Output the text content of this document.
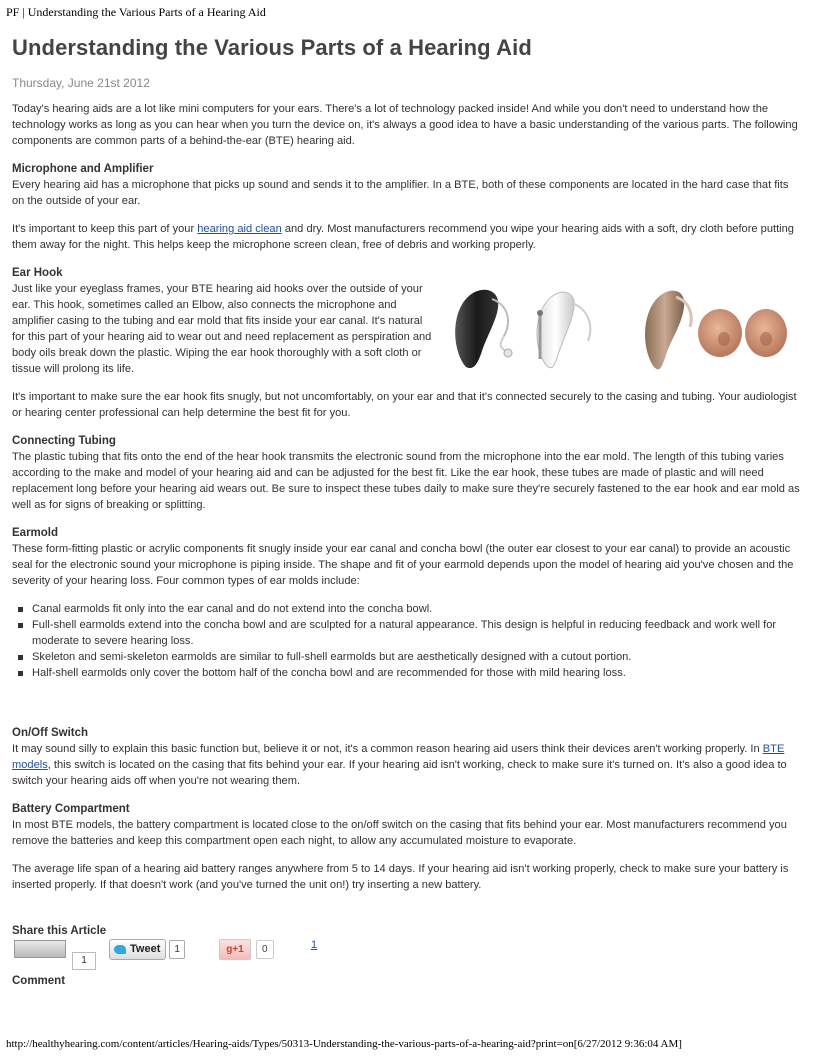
PF | Understanding the Various Parts of a Hearing Aid
Understanding the Various Parts of a Hearing Aid
Thursday, June 21st 2012

Today's hearing aids are a lot like mini computers for your ears. There's a lot of technology packed inside! And while you don't need to understand how the technology works as long as you can hear when you turn the device on, it's always a good idea to have a basic understanding of the various parts. The following components are common parts of a behind-the-ear (BTE) hearing aid.

Microphone and Amplifier

Every hearing aid has a microphone that picks up sound and sends it to the amplifier. In a BTE, both of these components are located in the hard case that fits on the outside of your ear.

It's important to keep this part of your hearing aid clean and dry. Most manufacturers recommend you wipe your hearing aids with a soft, dry cloth before putting them away for the night. This helps keep the microphone screen clean, free of debris and working properly.

Ear Hook

Just like your eyeglass frames, your BTE hearing aid hooks over the outside of your ear. This hook, sometimes called an Elbow, also connects the microphone and amplifier casing to the tubing and ear mold that fits inside your ear canal. It's natural for this part of your hearing aid to wear out and need replacement as perspiration and body oils break down the plastic. Wiping the ear hook thoroughly with a soft cloth or tissue will prolong its life.

It's important to make sure the ear hook fits snugly, but not uncomfortably, on your ear and that it's connected securely to the casing and tubing. Your audiologist or hearing center professional can help determine the best fit for you.

Connecting Tubing

The plastic tubing that fits onto the end of the hear hook transmits the electronic sound from the microphone into the ear mold. The length of this tubing varies according to the make and model of your hearing aid and can be adjusted for the best fit. Like the ear hook, these tubes are made of plastic and will need replacement long before your hearing aid wears out. Be sure to inspect these tubes daily to make sure they're securely fastened to the ear hook and ear mold as well as for signs of breaking or splitting.

Earmold

These form-fitting plastic or acrylic components fit snugly inside your ear canal and concha bowl (the outer ear closest to your ear canal) to provide an acoustic seal for the electronic sound your microphone is piping inside. The shape and fit of your earmold depends upon the model of hearing aid you've chosen and the severity of your hearing loss. Four common types of ear molds include:

Canal earmolds fit only into the ear canal and do not extend into the concha bowl.
Full-shell earmolds extend into the concha bowl and are sculpted for a natural appearance. This design is helpful in reducing feedback and work well for moderate to severe hearing loss.
Skeleton and semi-skeleton earmolds are similar to full-shell earmolds but are aesthetically designed with a cutout portion.
Half-shell earmolds only cover the bottom half of the concha bowl and are recommended for those with mild hearing loss.
On/Off Switch

It may sound silly to explain this basic function but, believe it or not, it's a common reason hearing aid users think their devices aren't working properly. In BTE models, this switch is located on the casing that fits behind your ear. If your hearing aid isn't working, check to make sure it's turned on. It's also a good idea to switch your hearing aids off when you're not wearing them.

Battery Compartment

In most BTE models, the battery compartment is located close to the on/off switch on the casing that fits behind your ear. Most manufacturers recommend you remove the batteries and keep this compartment open each night, to allow any accumulated moisture to evaporate.

The average life span of a hearing aid battery ranges anywhere from 5 to 14 days. If your hearing aid isn't working properly, check to make sure your battery is inserted properly. If that doesn't work (and you've turned the unit on!) try inserting a new battery.

Share this Article
1
Tweet	1	g+1	0	1
Comment
http://healthyhearing.com/content/articles/Hearing-aids/Types/50313-Understanding-the-various-parts-of-a-hearing-aid?print=on[6/27/2012 9:36:04 AM]
